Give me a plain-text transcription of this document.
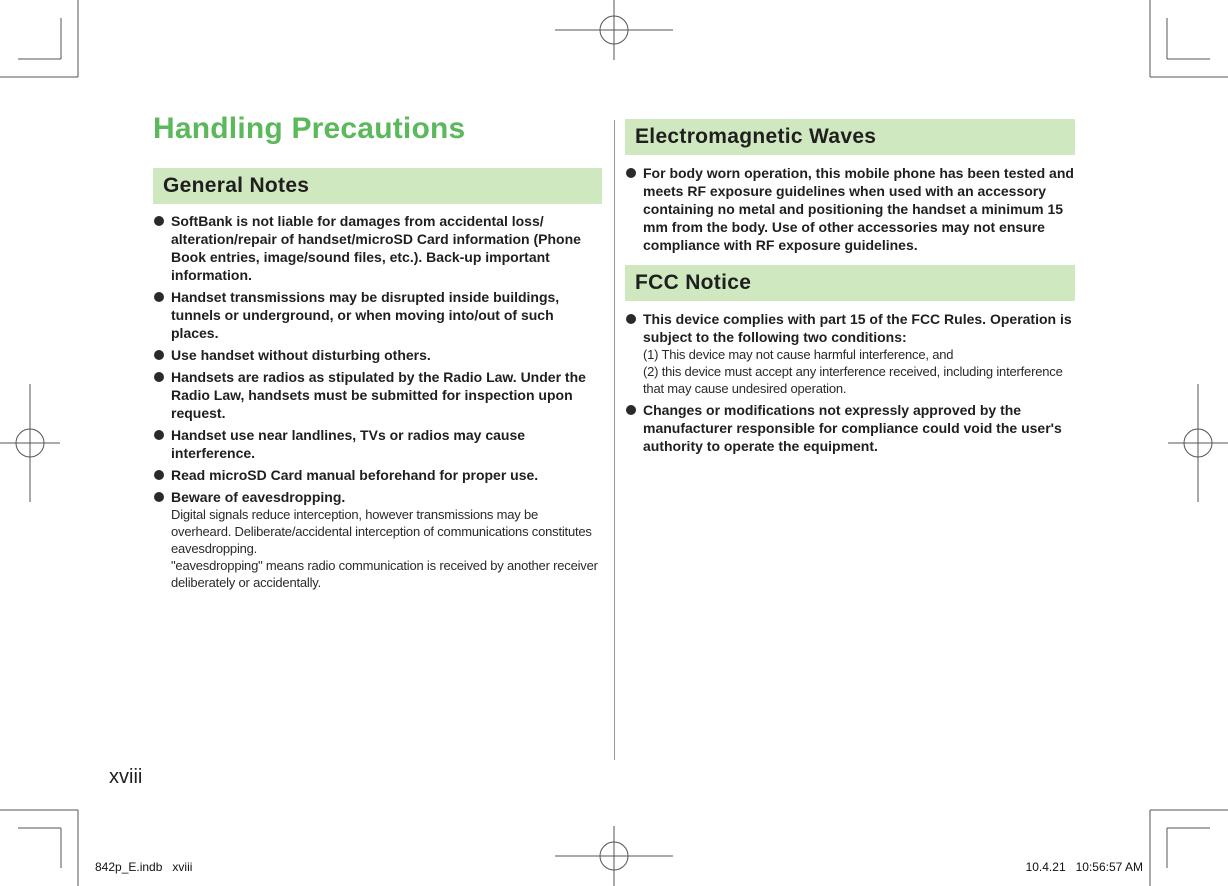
Handling Precautions
General Notes
SoftBank is not liable for damages from accidental loss/ alteration/repair of handset/microSD Card information (Phone Book entries, image/sound files, etc.). Back-up important information.
Handset transmissions may be disrupted inside buildings, tunnels or underground, or when moving into/out of such places.
Use handset without disturbing others.
Handsets are radios as stipulated by the Radio Law. Under the Radio Law, handsets must be submitted for inspection upon request.
Handset use near landlines, TVs or radios may cause interference.
Read microSD Card manual beforehand for proper use.
Beware of eavesdropping.
Digital signals reduce interception, however transmissions may be overheard. Deliberate/accidental interception of communications constitutes eavesdropping.
"eavesdropping" means radio communication is received by another receiver deliberately or accidentally.
Electromagnetic Waves
For body worn operation, this mobile phone has been tested and meets RF exposure guidelines when used with an accessory containing no metal and positioning the handset a minimum 15 mm from the body. Use of other accessories may not ensure compliance with RF exposure guidelines.
FCC Notice
This device complies with part 15 of the FCC Rules. Operation is subject to the following two conditions:
(1) This device may not cause harmful interference, and
(2) this device must accept any interference received, including interference that may cause undesired operation.
Changes or modifications not expressly approved by the manufacturer responsible for compliance could void the user's authority to operate the equipment.
xviii
842p_E.indb   xviii	10.4.21   10:56:57 AM
